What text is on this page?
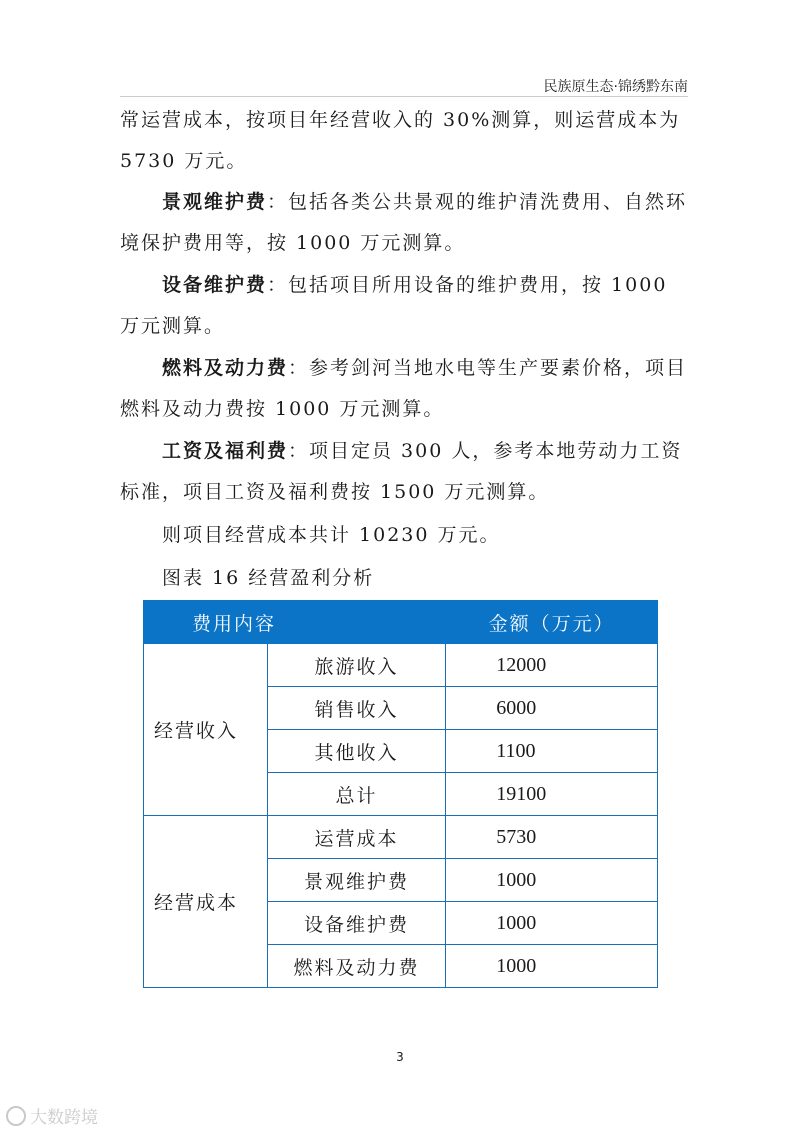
民族原生态·锦绣黔东南
常运营成本，按项目年经营收入的 30%测算，则运营成本为 5730 万元。
景观维护费：包括各类公共景观的维护清洗费用、自然环境保护费用等，按 1000 万元测算。
设备维护费：包括项目所用设备的维护费用，按 1000 万元测算。
燃料及动力费：参考剑河当地水电等生产要素价格，项目燃料及动力费按 1000 万元测算。
工资及福利费：项目定员 300 人，参考本地劳动力工资标准，项目工资及福利费按 1500 万元测算。
则项目经营成本共计 10230 万元。
图表 16 经营盈利分析
费用内容		金额（万元）
经营收入	旅游收入	12000
	销售收入	6000
	其他收入	1100
	总计	19100
经营成本	运营成本	5730
	景观维护费	1000
	设备维护费	1000
	燃料及动力费	1000
3
大数跨境
